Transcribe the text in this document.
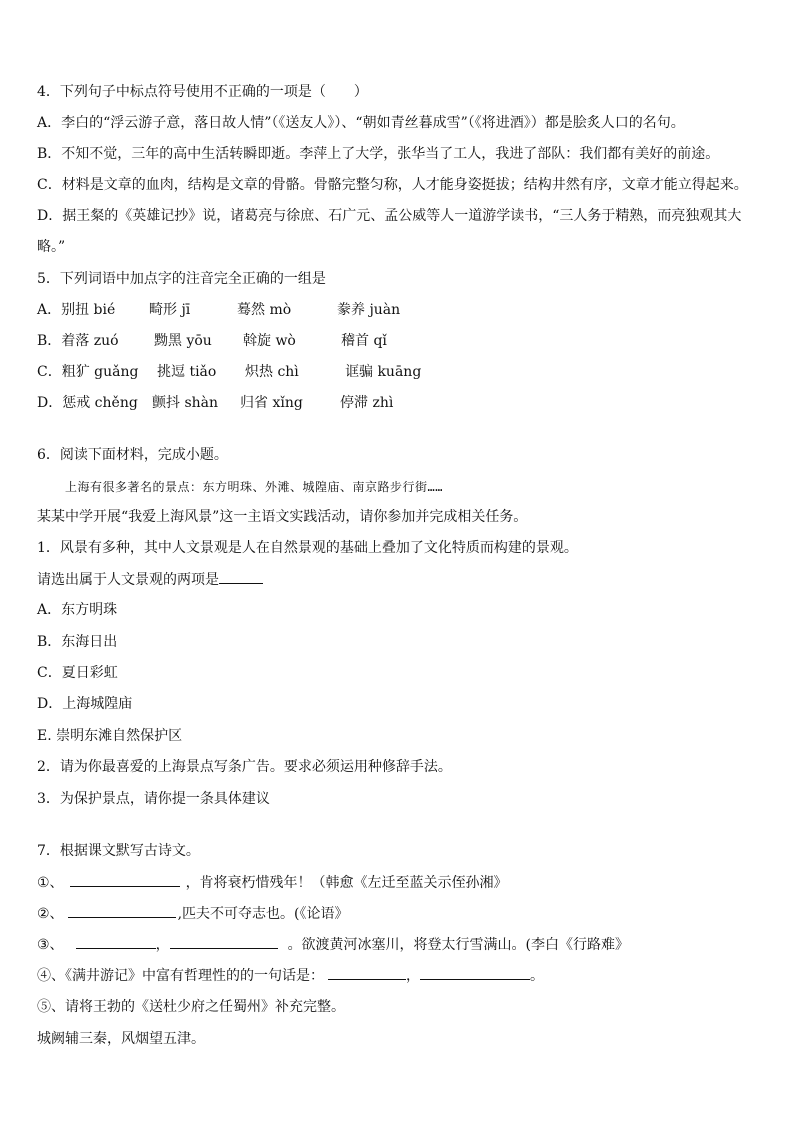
4．下列句子中标点符号使用不正确的一项是（　　）
A．李白的“浮云游子意，落日故人情”（《送友人》）、“朝如青丝暮成雪”（《将进酒》）都是脍炙人口的名句。
B．不知不觉，三年的高中生活转瞬即逝。李萍上了大学，张华当了工人，我进了部队：我们都有美好的前途。
C．材料是文章的血肉，结构是文章的骨骼。骨骼完整匀称，人才能身姿挺拔；结构井然有序，文章才能立得起来。
D．据王粲的《英雄记抄》说，诸葛亮与徐庶、石广元、孟公威等人一道游学读书，“三人务于精熟，而亮独观其大
略。”
5．下列词语中加点字的注音完全正确的一组是
A．别扭 bié 畸形 jī	蓦然 mò	豢养 juàn
B．着落 zuó	黝黑 yōu 斡旋 wò	稽首 qǐ
C．粗犷 guǎng 挑逗 tiǎo 炽热 chì	诓骗 kuāng
D．惩戒 chěng 颤抖 shàn 归省 xǐng	停滞 zhì
6．阅读下面材料，完成小题。
上海有很多著名的景点：东方明珠、外滩、城隍庙、南京路步行街……
某某中学开展“我爱上海风景”这一主语文实践活动，请你参加并完成相关任务。
1．风景有多种，其中人文景观是人在自然景观的基础上叠加了文化特质而构建的景观。
请选出属于人文景观的两项是
A．东方明珠
B．东海日出
C．夏日彩虹
D．上海城隍庙
E. 崇明东滩自然保护区
2．请为你最喜爱的上海景点写条广告。要求必须运用种修辞手法。
3．为保护景点，请你提一条具体建议
7．根据课文默写古诗文。
①、	，肯将衰朽惜残年！（韩愈《左迁至蓝关示侄孙湘》
②、	,匹夫不可夺志也。(《论语》
③、	，	。欲渡黄河冰塞川，将登太行雪满山。(李白《行路难》
④、《满井游记》中富有哲理性的的一句话是：	，	。
⑤、请将王勃的《送杜少府之任蜀州》补充完整。
城阙辅三秦，风烟望五津。
